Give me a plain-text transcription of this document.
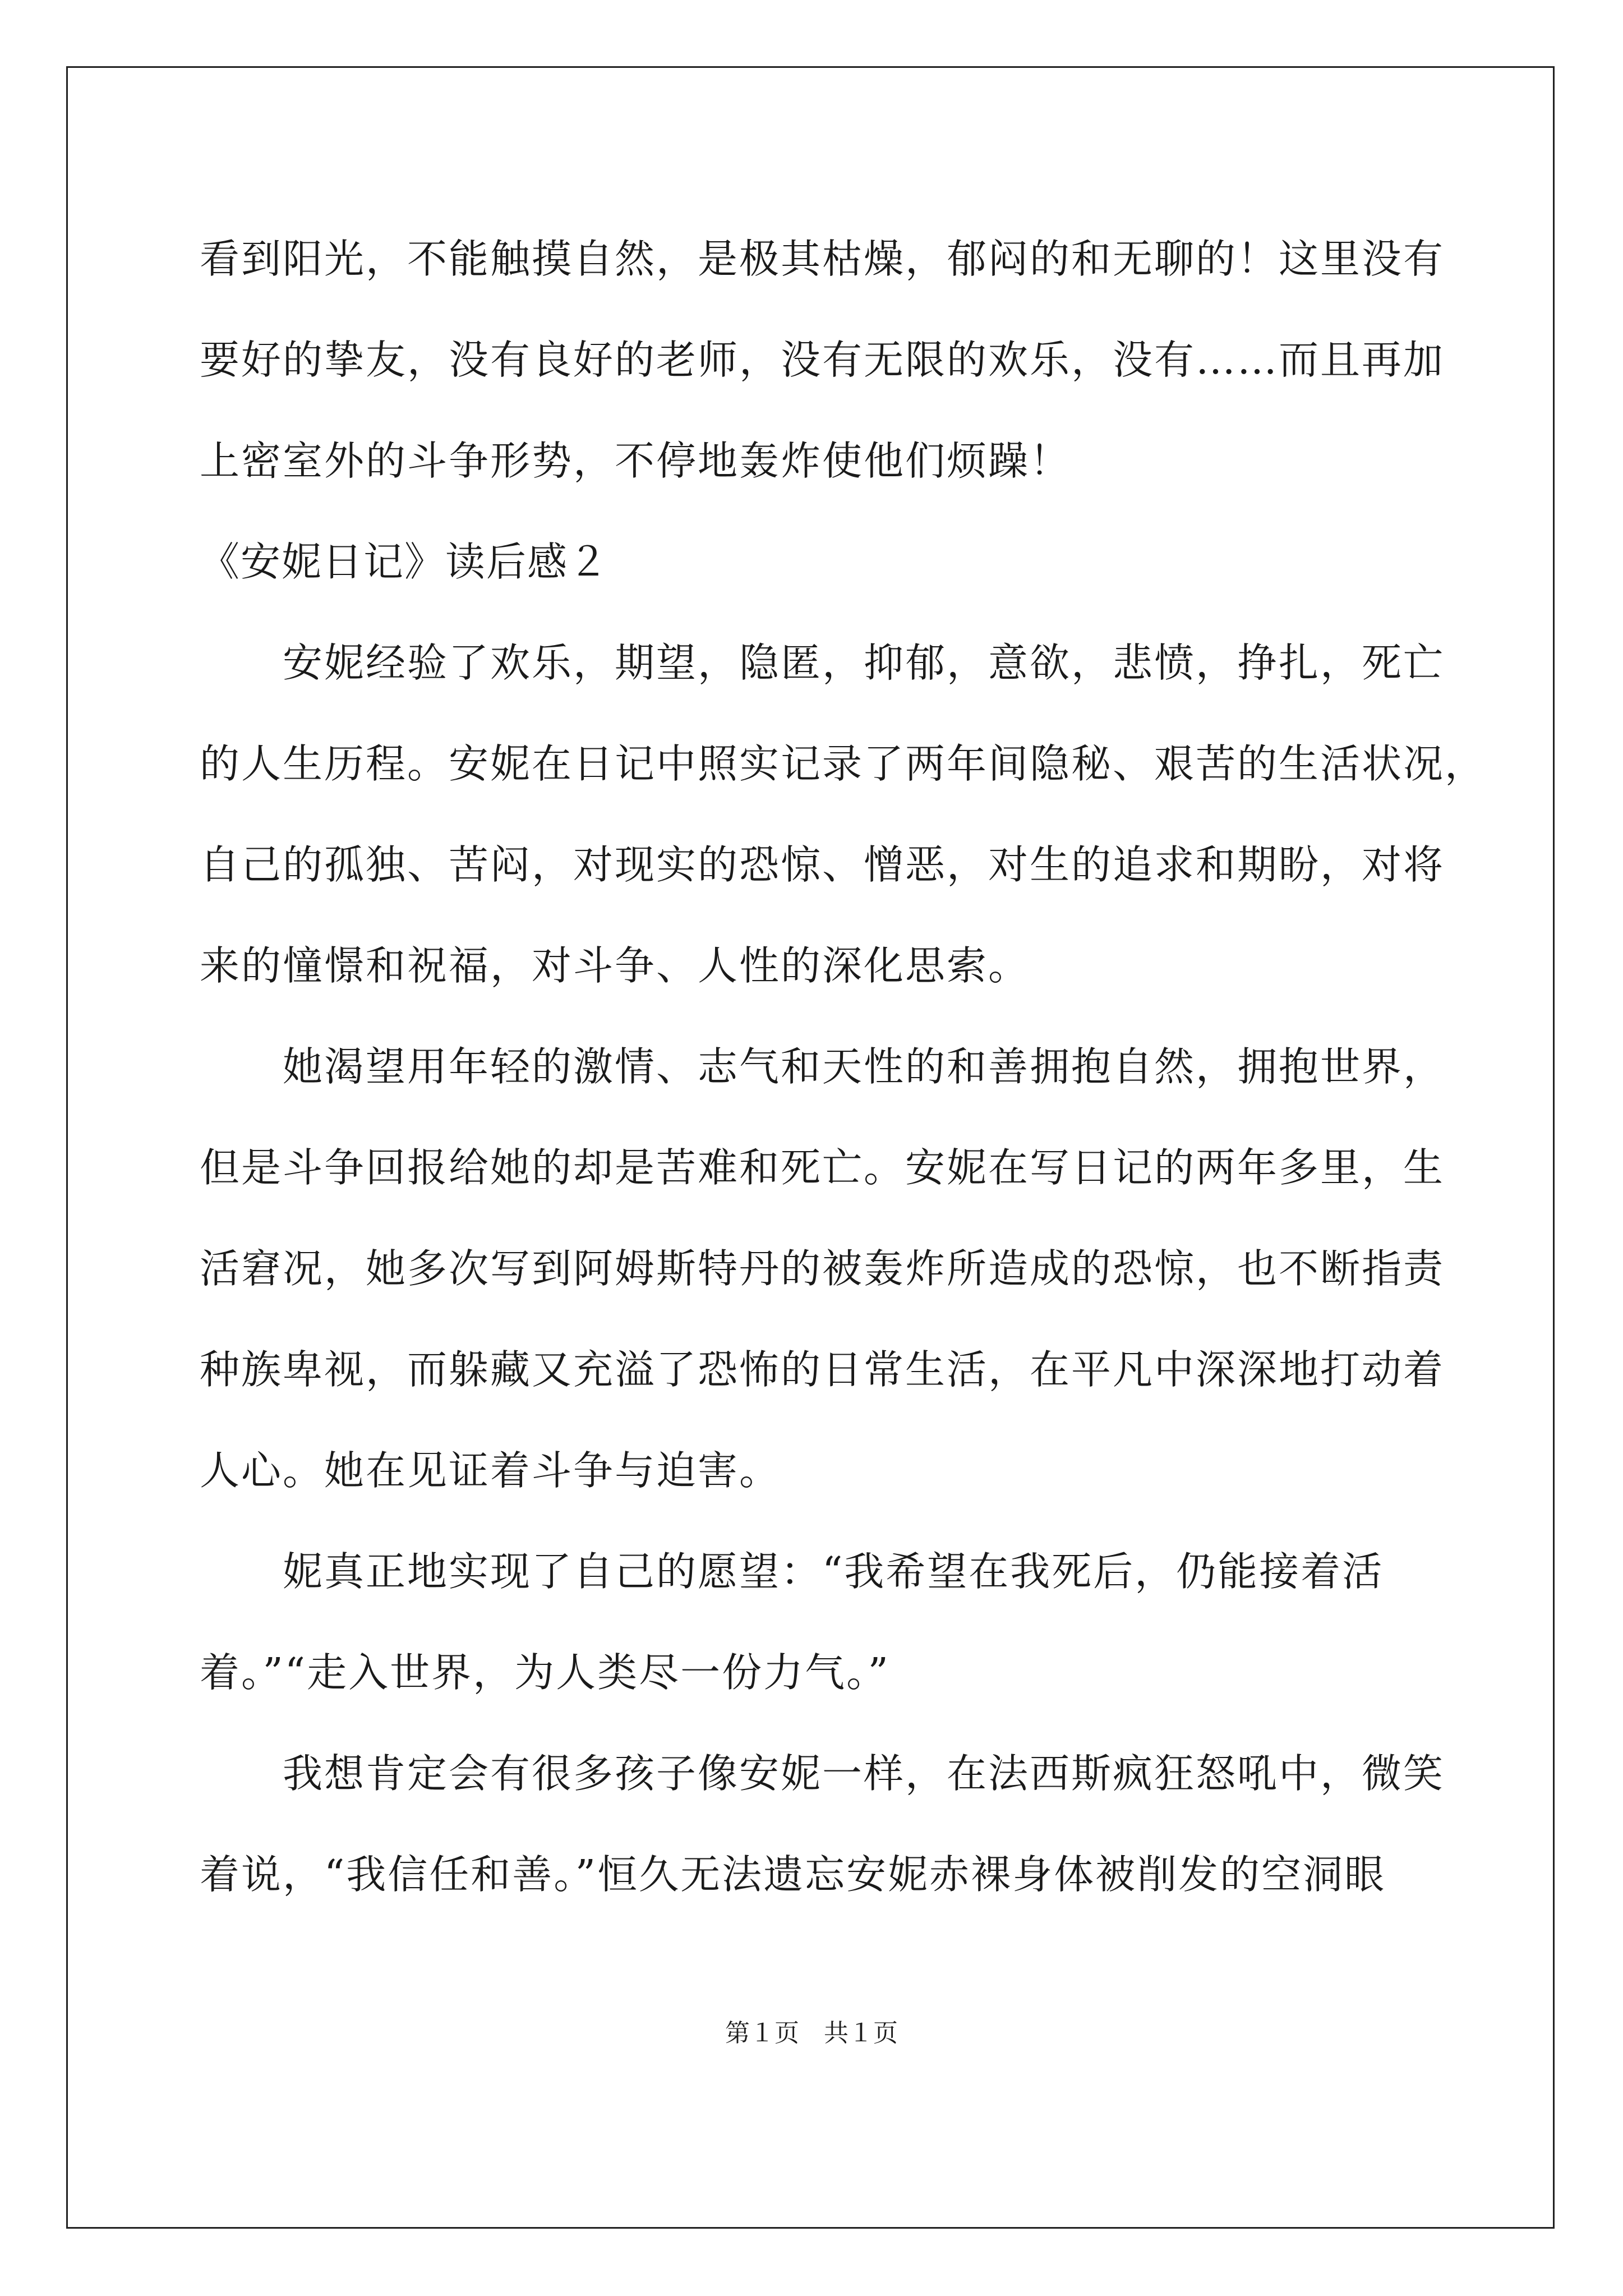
看到阳光，不能触摸自然，是极其枯燥，郁闷的和无聊的！这里没有
要好的挚友，没有良好的老师，没有无限的欢乐，没有……而且再加
上密室外的斗争形势，不停地轰炸使他们烦躁！
《安妮日记》读后感２
　　安妮经验了欢乐，期望，隐匿，抑郁，意欲，悲愤，挣扎，死亡
的人生历程。安妮在日记中照实记录了两年间隐秘、艰苦的生活状况，
自己的孤独、苦闷，对现实的恐惊、憎恶，对生的追求和期盼，对将
来的憧憬和祝福，对斗争、人性的深化思索。
　　她渴望用年轻的激情、志气和天性的和善拥抱自然，拥抱世界，
但是斗争回报给她的却是苦难和死亡。安妮在写日记的两年多里，生
活窘况，她多次写到阿姆斯特丹的被轰炸所造成的恐惊，也不断指责
种族卑视，而躲藏又充溢了恐怖的日常生活，在平凡中深深地打动着
人心。她在见证着斗争与迫害。
　　妮真正地实现了自己的愿望：“我希望在我死后，仍能接着活
着。”“走入世界，为人类尽一份力气。”
　　我想肯定会有很多孩子像安妮一样，在法西斯疯狂怒吼中，微笑
着说，“我信任和善。”恒久无法遗忘安妮赤裸身体被削发的空洞眼
第１页　共１页
